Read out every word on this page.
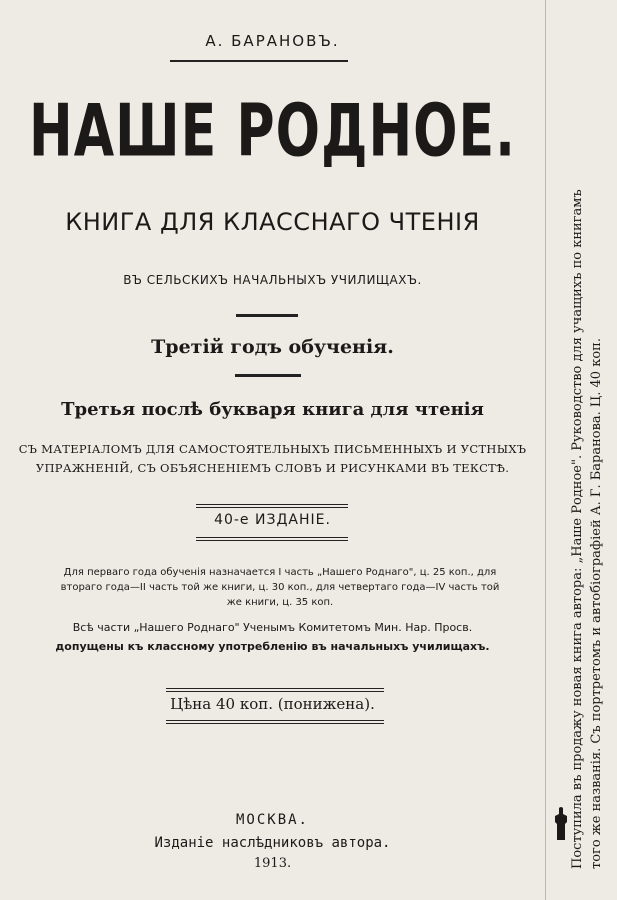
А. БАРАНОВЪ.
НАШЕ РОДНОЕ.
КНИГА ДЛЯ КЛАССНАГО ЧТЕНІЯ
ВЪ СЕЛЬСКИХЪ НАЧАЛЬНЫХЪ УЧИЛИЩАХЪ.
Третій годъ обученія.
Третья послѣ букваря книга для чтенія
СЪ МАТЕРІАЛОМЪ ДЛЯ САМОСТОЯТЕЛЬНЫХЪ ПИСЬМЕННЫХЪ И УСТНЫХЪ
УПРАЖНЕНІЙ, СЪ ОБЪЯСНЕНІЕМЪ СЛОВЪ И РИСУНКАМИ ВЪ ТЕКСТѢ.
40-е ИЗДАНІЕ.
Для перваго года обученія назначается I часть „Нашего Роднаго", ц. 25 коп., для
втораго года—II часть той же книги, ц. 30 коп., для четвертаго года—IV часть той
же книги, ц. 35 коп.
Всѣ части „Нашего Роднаго" Ученымъ Комитетомъ Мин. Нар. Просв.
допущены къ классному употребленію въ начальныхъ училищахъ.
Цѣна 40 коп. (понижена).
МОСКВА.
Изданіе наслѣдниковъ автора.
1913.	Поступила въ продажу новая книга автора: „Наше Родное". Руководство для учащихъ по книгамъ того же названія. Съ портретомъ и автобіографіей А. Г. Баранова. Ц. 40 коп.
